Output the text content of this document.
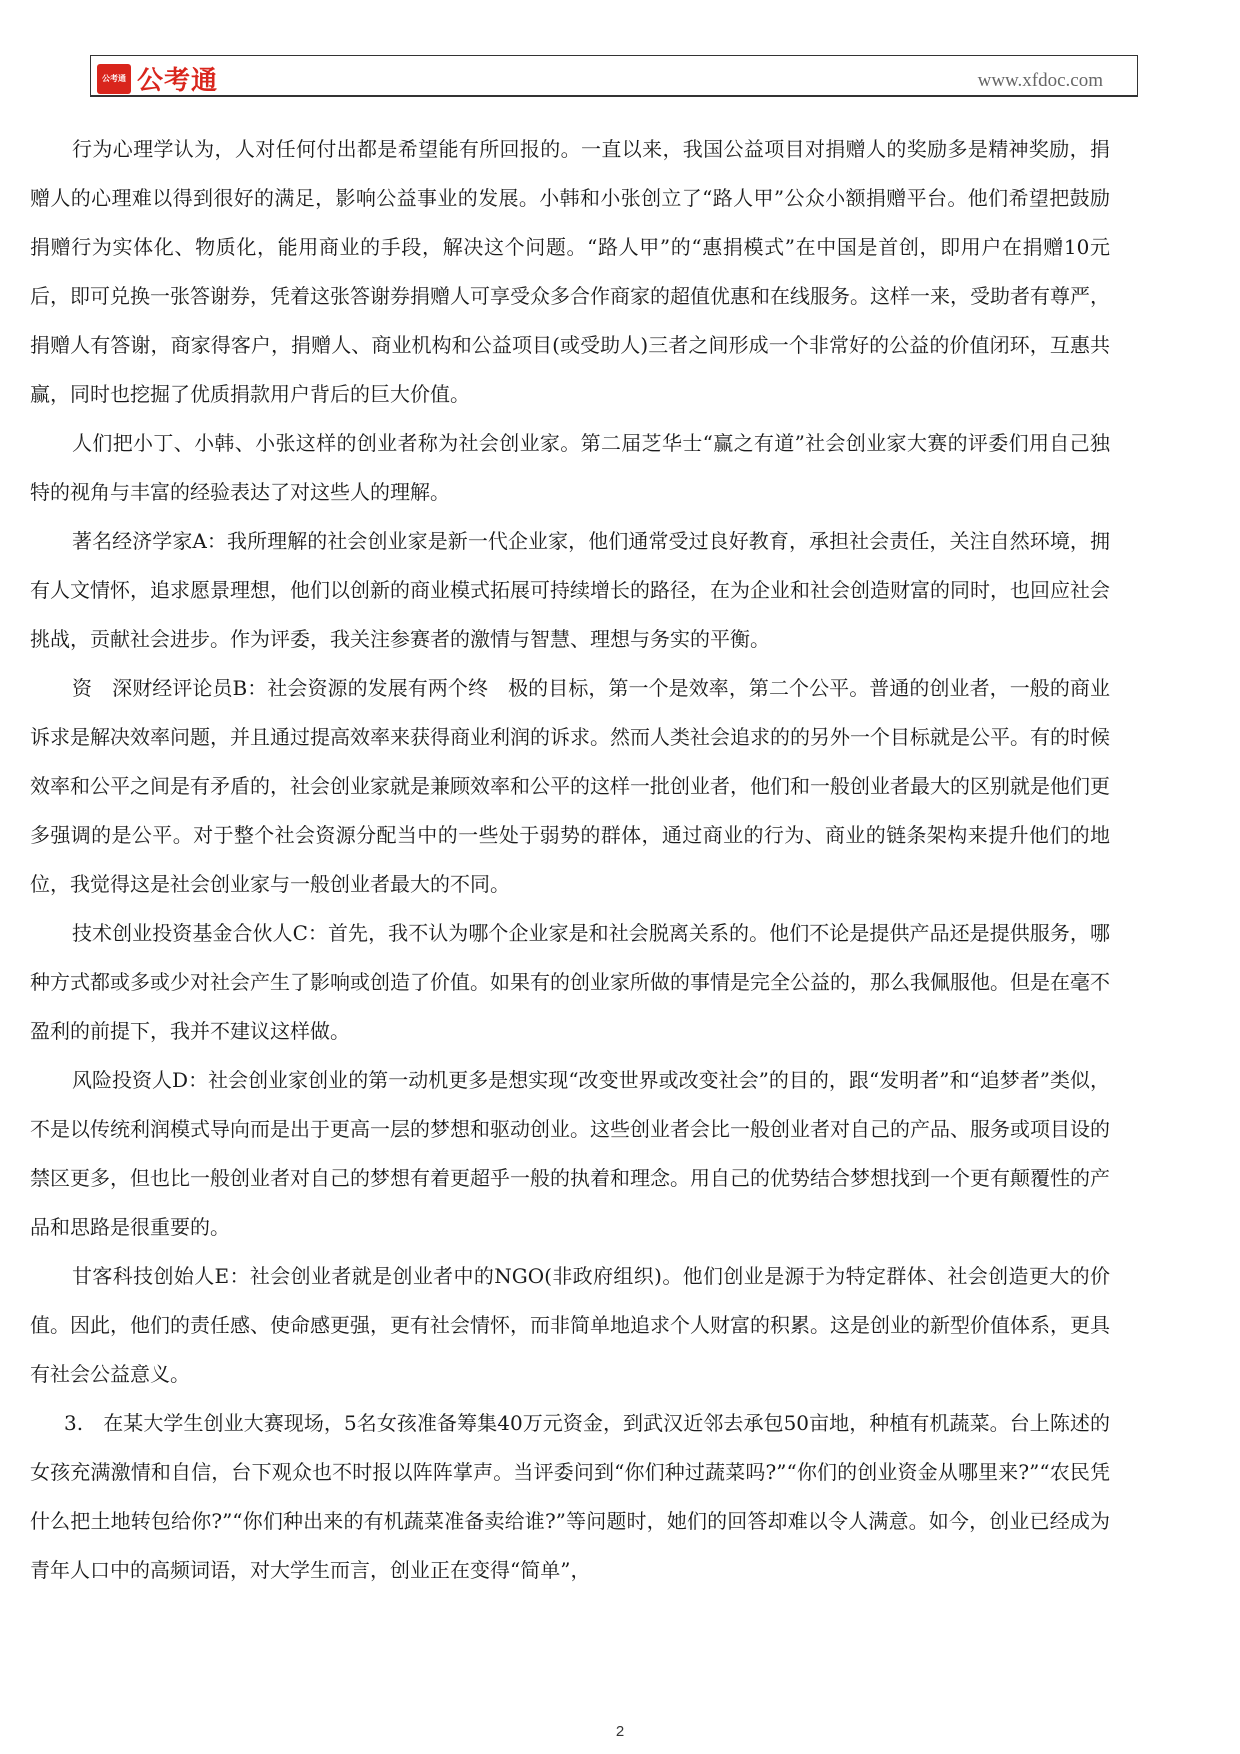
公考通 公考通	www.xfdoc.com

行为心理学认为，人对任何付出都是希望能有所回报的。一直以来，我国公益项目对捐赠人的奖励多是精神奖励，捐赠人的心理难以得到很好的满足，影响公益事业的发展。小韩和小张创立了“路人甲”公众小额捐赠平台。他们希望把鼓励捐赠行为实体化、物质化，能用商业的手段，解决这个问题。“路人甲”的“惠捐模式”在中国是首创，即用户在捐赠10元后，即可兑换一张答谢券，凭着这张答谢券捐赠人可享受众多合作商家的超值优惠和在线服务。这样一来，受助者有尊严，捐赠人有答谢，商家得客户，捐赠人、商业机构和公益项目(或受助人)三者之间形成一个非常好的公益的价值闭环，互惠共赢，同时也挖掘了优质捐款用户背后的巨大价值。

人们把小丁、小韩、小张这样的创业者称为社会创业家。第二届芝华士“赢之有道”社会创业家大赛的评委们用自己独特的视角与丰富的经验表达了对这些人的理解。

著名经济学家A：我所理解的社会创业家是新一代企业家，他们通常受过良好教育，承担社会责任，关注自然环境，拥有人文情怀，追求愿景理想，他们以创新的商业模式拓展可持续增长的路径，在为企业和社会创造财富的同时，也回应社会挑战，贡献社会进步。作为评委，我关注参赛者的激情与智慧、理想与务实的平衡。

资　深财经评论员B：社会资源的发展有两个终　极的目标，第一个是效率，第二个公平。普通的创业者，一般的商业诉求是解决效率问题，并且通过提高效率来获得商业利润的诉求。然而人类社会追求的的另外一个目标就是公平。有的时候效率和公平之间是有矛盾的，社会创业家就是兼顾效率和公平的这样一批创业者，他们和一般创业者最大的区别就是他们更多强调的是公平。对于整个社会资源分配当中的一些处于弱势的群体，通过商业的行为、商业的链条架构来提升他们的地位，我觉得这是社会创业家与一般创业者最大的不同。

技术创业投资基金合伙人C：首先，我不认为哪个企业家是和社会脱离关系的。他们不论是提供产品还是提供服务，哪种方式都或多或少对社会产生了影响或创造了价值。如果有的创业家所做的事情是完全公益的，那么我佩服他。但是在毫不盈利的前提下，我并不建议这样做。

风险投资人D：社会创业家创业的第一动机更多是想实现“改变世界或改变社会”的目的，跟“发明者”和“追梦者”类似，不是以传统利润模式导向而是出于更高一层的梦想和驱动创业。这些创业者会比一般创业者对自己的产品、服务或项目设的禁区更多，但也比一般创业者对自己的梦想有着更超乎一般的执着和理念。用自己的优势结合梦想找到一个更有颠覆性的产品和思路是很重要的。

甘客科技创始人E：社会创业者就是创业者中的NGO(非政府组织)。他们创业是源于为特定群体、社会创造更大的价值。因此，他们的责任感、使命感更强，更有社会情怀，而非简单地追求个人财富的积累。这是创业的新型价值体系，更具有社会公益意义。

3.　在某大学生创业大赛现场，5名女孩准备筹集40万元资金，到武汉近邻去承包50亩地，种植有机蔬菜。台上陈述的女孩充满激情和自信，台下观众也不时报以阵阵掌声。当评委问到“你们种过蔬菜吗?”“你们的创业资金从哪里来?”“农民凭什么把土地转包给你?”“你们种出来的有机蔬菜准备卖给谁?”等问题时，她们的回答却难以令人满意。如今，创业已经成为青年人口中的高频词语，对大学生而言，创业正在变得“简单”，

2
